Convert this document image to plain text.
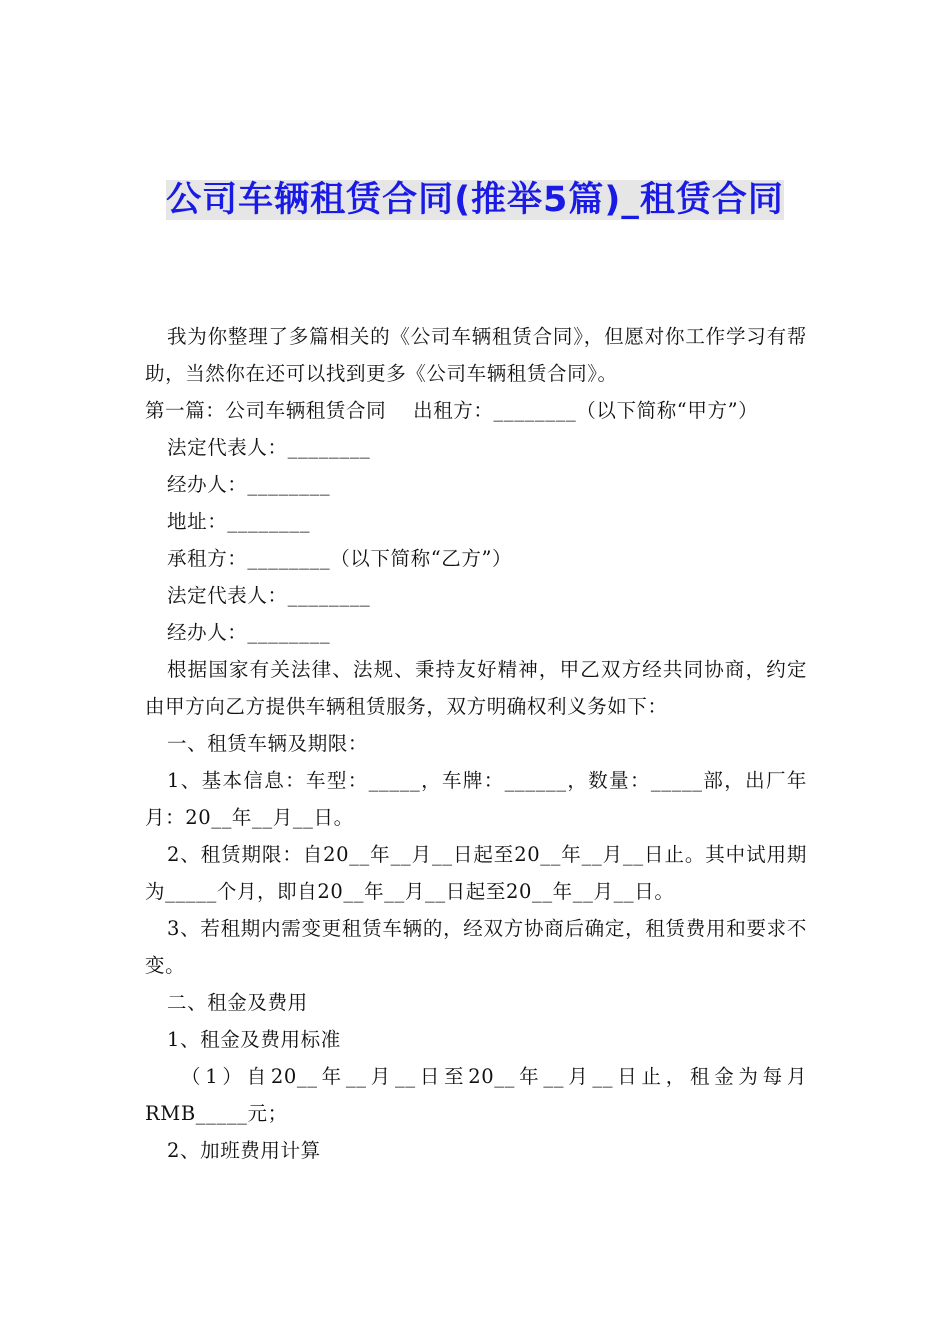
公司车辆租赁合同(推举5篇)_租赁合同

我为你整理了多篇相关的《公司车辆租赁合同》，但愿对你工作学习有帮助，当然你在还可以找到更多《公司车辆租赁合同》。

第一篇：公司车辆租赁合同　 出租方：________（以下简称“甲方”）

法定代表人：________

经办人：________

地址：________

承租方：________（以下简称“乙方”）

法定代表人：________

经办人：________

根据国家有关法律、法规、秉持友好精神，甲乙双方经共同协商，约定由甲方向乙方提供车辆租赁服务，双方明确权利义务如下：

一、租赁车辆及期限：

1、基本信息：车型：_____，车牌：______，数量：_____部，出厂年月：20__年__月__日。

2、租赁期限：自20__年__月__日起至20__年__月__日止。其中试用期为_____个月，即自20__年__月__日起至20__年__月__日。

3、若租期内需变更租赁车辆的，经双方协商后确定，租赁费用和要求不变。

二、租金及费用

1、租金及费用标准

（1）自20__年__月__日至20__年__月__日止，租金为每月RMB_____元；

2、加班费用计算
